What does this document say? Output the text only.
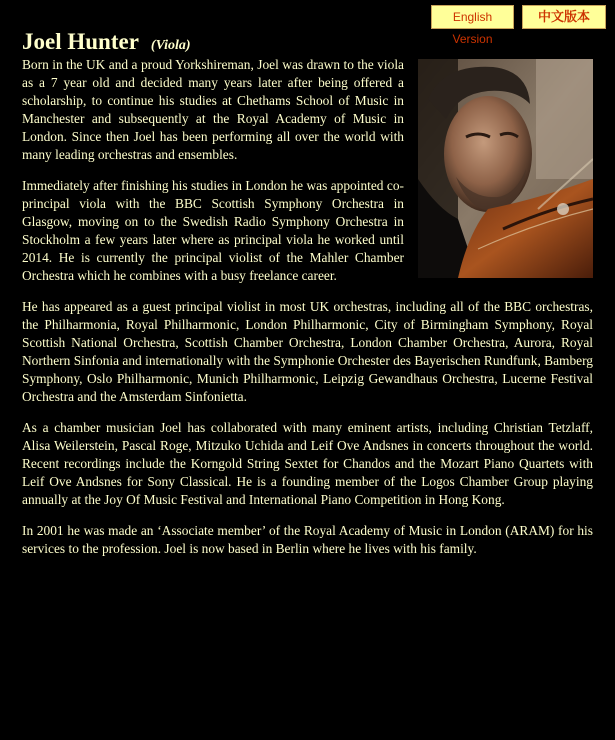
English Version
中文版本
Joel Hunter (Viola)

Born in the UK and a proud Yorkshireman, Joel was drawn to the viola as a 7 year old and decided many years later after being offered a scholarship, to continue his studies at Chethams School of Music in Manchester and subsequently at the Royal Academy of Music in London. Since then Joel has been performing all over the world with many leading orchestras and ensembles.

Immediately after finishing his studies in London he was appointed co-principal viola with the BBC Scottish Symphony Orchestra in Glasgow, moving on to the Swedish Radio Symphony Orchestra in Stockholm a few years later where as principal viola he worked until 2014. He is currently the principal violist of the Mahler Chamber Orchestra which he combines with a busy freelance career.

He has appeared as a guest principal violist in most UK orchestras, including all of the BBC orchestras, the Philharmonia, Royal Philharmonic, London Philharmonic, City of Birmingham Symphony, Royal Scottish National Orchestra, Scottish Chamber Orchestra, London Chamber Orchestra, Aurora, Royal Northern Sinfonia and internationally with the Symphonie Orchester des Bayerischen Rundfunk, Bamberg Symphony, Oslo Philharmonic, Munich Philharmonic, Leipzig Gewandhaus Orchestra, Lucerne Festival Orchestra and the Amsterdam Sinfonietta.

As a chamber musician Joel has collaborated with many eminent artists, including Christian Tetzlaff, Alisa Weilerstein, Pascal Roge, Mitzuko Uchida and Leif Ove Andsnes in concerts throughout the world. Recent recordings include the Korngold String Sextet for Chandos and the Mozart Piano Quartets with Leif Ove Andsnes for Sony Classical. He is a founding member of the Logos Chamber Group playing annually at the Joy Of Music Festival and International Piano Competition in Hong Kong.

In 2001 he was made an ‘Associate member’ of the Royal Academy of Music in London (ARAM) for his services to the profession. Joel is now based in Berlin where he lives with his family.
